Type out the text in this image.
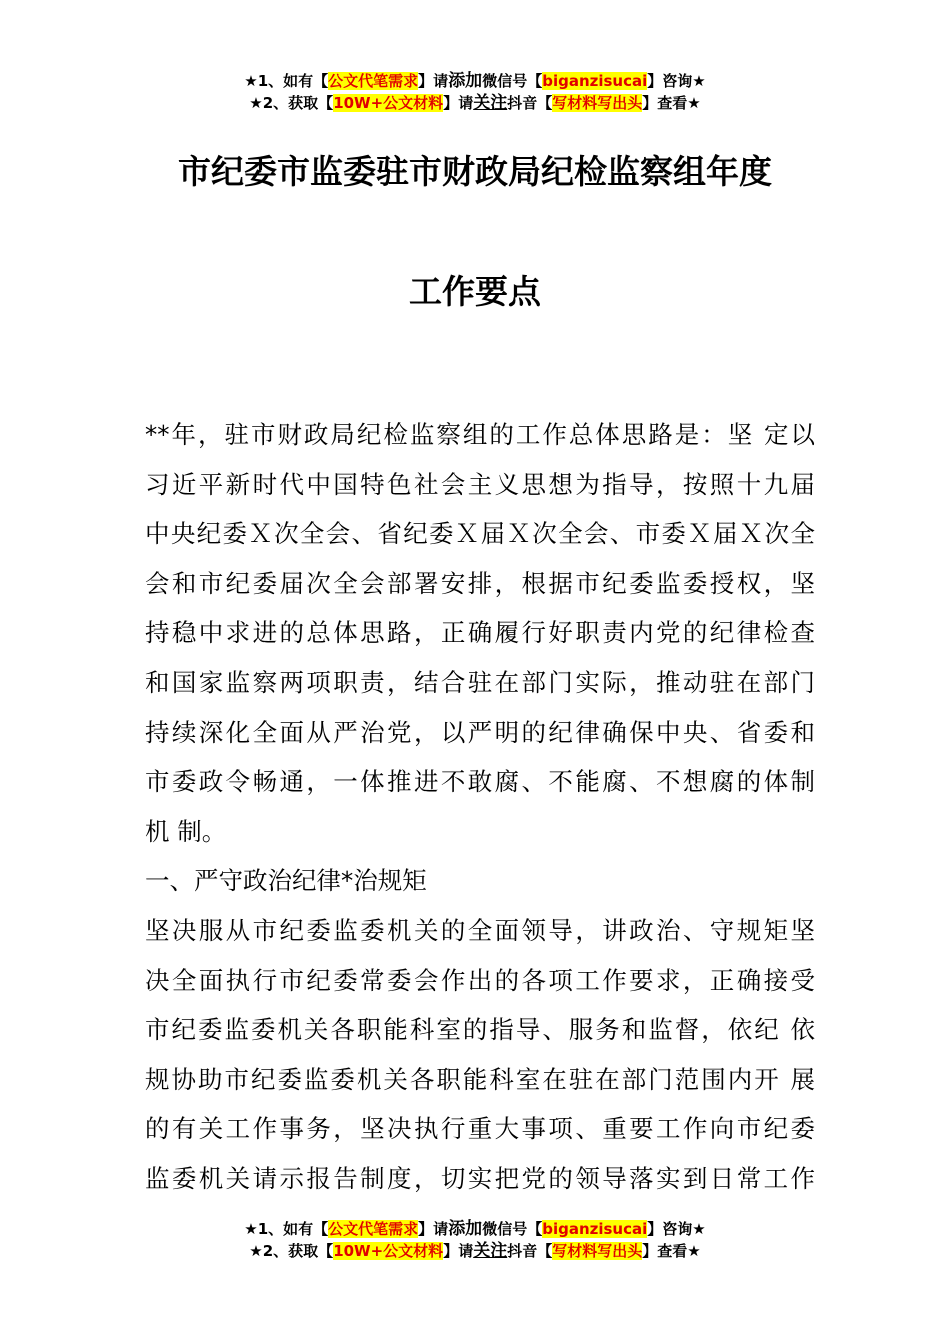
★1、如有【公文代笔需求】请添加微信号【biganzisucai】咨询★
★2、获取【10W+公文材料】请关注抖音【写材料写出头】查看★
市纪委市监委驻市财政局纪检监察组年度
工作要点
**年，驻市财政局纪检监察组的工作总体思路是：坚 定以
习近平新时代中国特色社会主义思想为指导，按照十九届
中央纪委Ｘ次全会、省纪委Ｘ届Ｘ次全会、市委Ｘ届Ｘ次全
会和市纪委届次全会部署安排，根据市纪委监委授权，坚
持稳中求进的总体思路，正确履行好职责内党的纪律检查
和国家监察两项职责，结合驻在部门实际，推动驻在部门
持续深化全面从严治党，以严明的纪律确保中央、省委和
市委政令畅通，一体推进不敢腐、不能腐、不想腐的体制
机 制。
一、严守政治纪律*治规矩
坚决服从市纪委监委机关的全面领导，讲政治、守规矩坚
决全面执行市纪委常委会作出的各项工作要求，正确接受
市纪委监委机关各职能科室的指导、服务和监督，依纪 依
规协助市纪委监委机关各职能科室在驻在部门范围内开 展
的有关工作事务，坚决执行重大事项、重要工作向市纪委
监委机关请示报告制度，切实把党的领导落实到日常工作
★1、如有【公文代笔需求】请添加微信号【biganzisucai】咨询★
★2、获取【10W+公文材料】请关注抖音【写材料写出头】查看★
